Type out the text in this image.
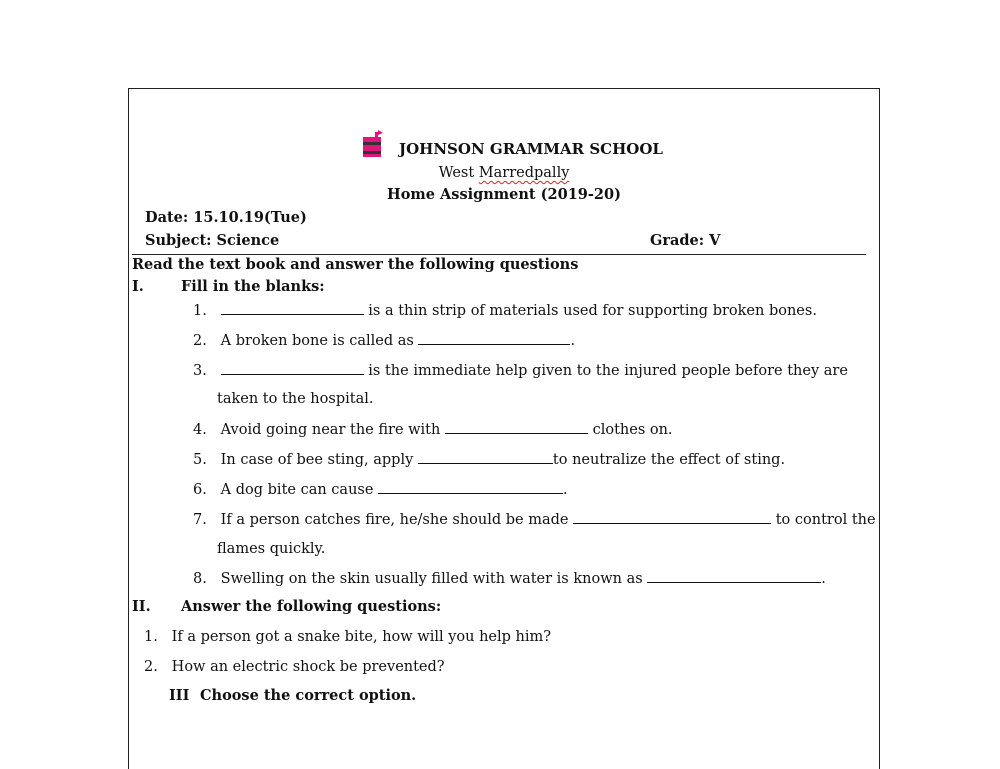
JOHNSON GRAMMAR SCHOOL
West Marredpally
Home Assignment (2019-20)
Date: 15.10.19(Tue)
Subject: Science	Grade: V
Read the text book and answer the following questions
I.	Fill in the blanks:
1.	is a thin strip of materials used for supporting broken bones.
2. A broken bone is called as	.
3.	is the immediate help given to the injured people before they are
taken to the hospital.
4. Avoid going near the fire with	clothes on.
5. In case of bee sting, apply	to neutralize the effect of sting.
6. A dog bite can cause	.
7. If a person catches fire, he/she should be made	to control the
flames quickly.
8. Swelling on the skin usually filled with water is known as	.
II. Answer the following questions:
1. If a person got a snake bite, how will you help him?
2. How an electric shock be prevented?
III Choose the correct option.
